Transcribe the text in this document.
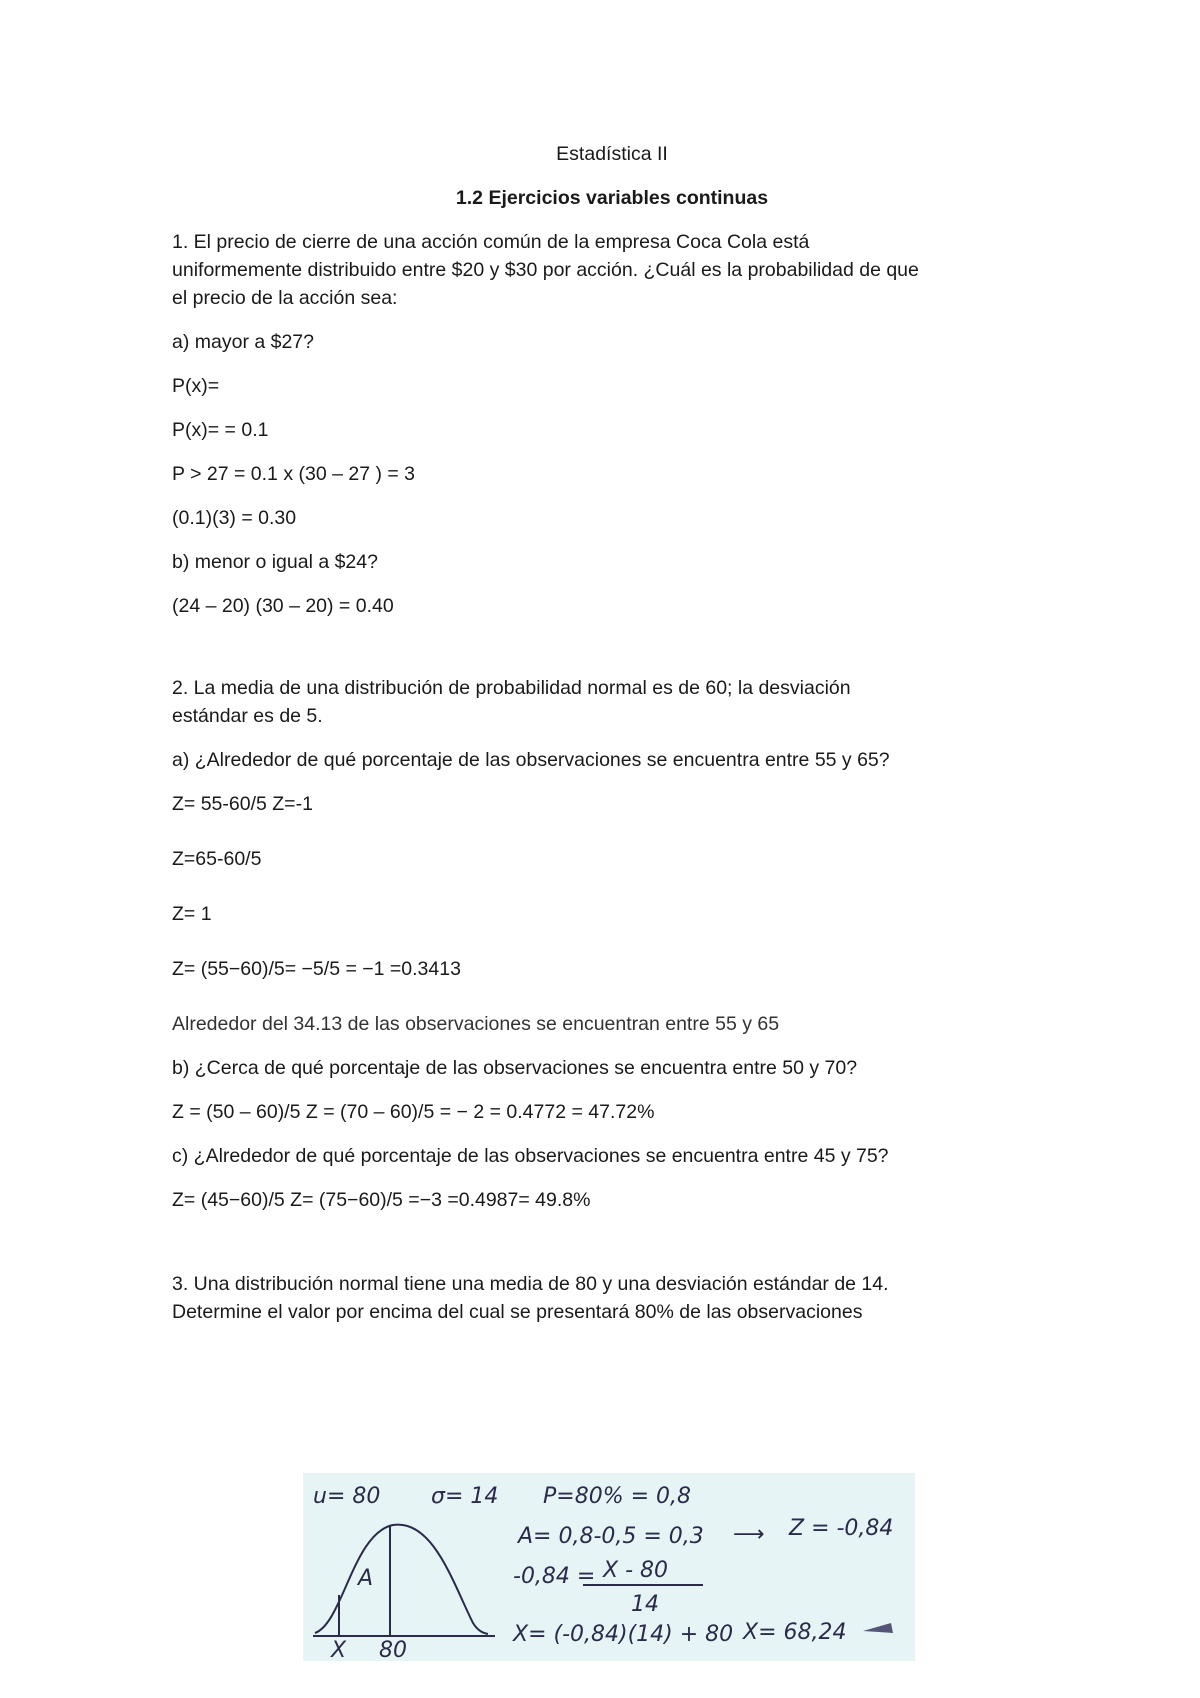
Estadística II

1.2 Ejercicios variables continuas

1. El precio de cierre de una acción común de la empresa Coca Cola está

uniformemente distribuido entre $20 y $30 por acción. ¿Cuál es la probabilidad de que

el precio de la acción sea:

a) mayor a $27?

P(x)=

P(x)= = 0.1

P > 27 = 0.1 x (30 – 27 ) = 3

(0.1)(3) = 0.30

b) menor o igual a $24?

(24 – 20) (30 – 20) = 0.40

2. La media de una distribución de probabilidad normal es de 60; la desviación

estándar es de 5.

a) ¿Alrededor de qué porcentaje de las observaciones se encuentra entre 55 y 65?

Z= 55-60/5 Z=-1

Z=65-60/5

Z= 1

Z= (55−60)/5= −5/5 = −1 =0.3413

Alrededor del 34.13 de las observaciones se encuentran entre 55 y 65

b) ¿Cerca de qué porcentaje de las observaciones se encuentra entre 50 y 70?

Z = (50 – 60)/5 Z = (70 – 60)/5 = − 2 = 0.4772 = 47.72%

c) ¿Alrededor de qué porcentaje de las observaciones se encuentra entre 45 y 75?

Z= (45−60)/5 Z= (75−60)/5 =−3 =0.4987= 49.8%

3. Una distribución normal tiene una media de 80 y una desviación estándar de 14.

Determine el valor por encima del cual se presentará 80% de las observaciones

u= 80 σ= 14 P=80% = 0,8
A= 0,8-0,5 = 0,3 ⟶ Z = -0,84
-0,84 = X - 80
14
X= (-0,84)(14) + 80 X= 68,24
A
X 80
